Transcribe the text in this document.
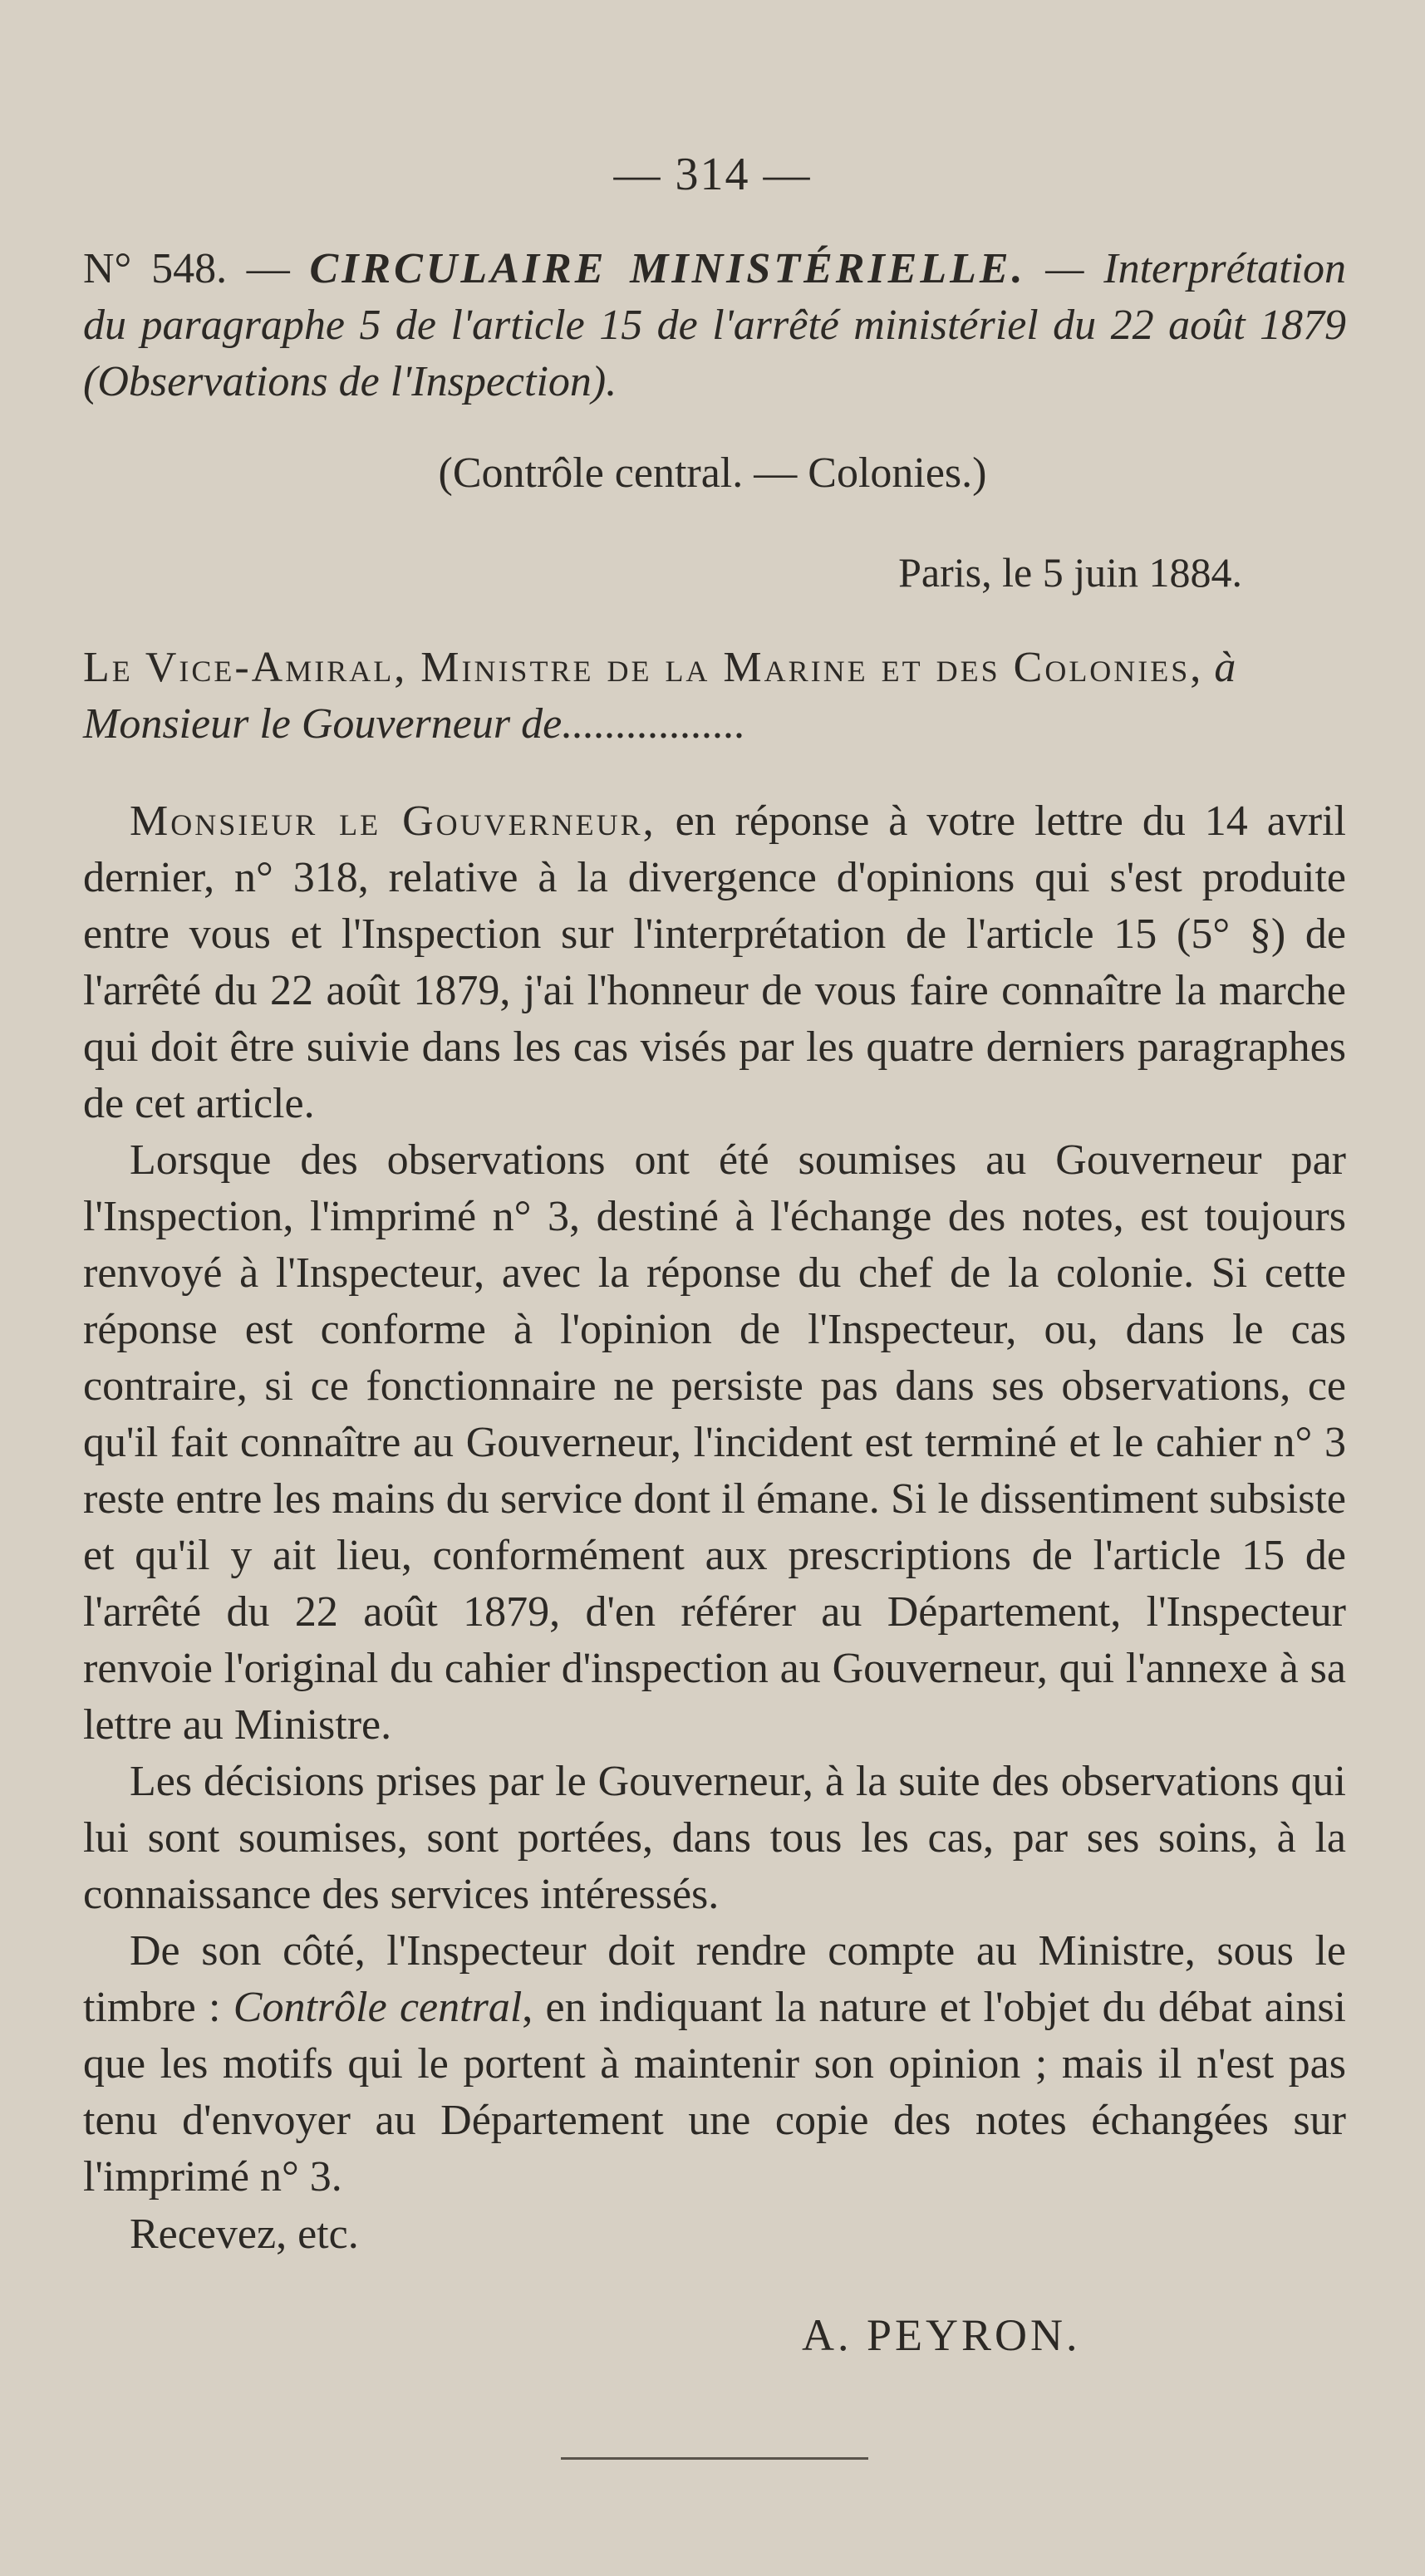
— 314 —
N° 548. — CIRCULAIRE MINISTÉRIELLE. — Interprétation du paragraphe 5 de l'article 15 de l'arrêté ministériel du 22 août 1879 (Observations de l'Inspection).
(Contrôle central. — Colonies.)
Paris, le 5 juin 1884.
Le Vice-Amiral, Ministre de la Marine et des Colonies, à Monsieur le Gouverneur de.................

Monsieur le Gouverneur, en réponse à votre lettre du 14 avril dernier, n° 318, relative à la divergence d'opinions qui s'est produite entre vous et l'Inspection sur l'interprétation de l'article 15 (5° §) de l'arrêté du 22 août 1879, j'ai l'honneur de vous faire connaître la marche qui doit être suivie dans les cas visés par les quatre derniers paragraphes de cet article.

Lorsque des observations ont été soumises au Gouverneur par l'Inspection, l'imprimé n° 3, destiné à l'échange des notes, est toujours renvoyé à l'Inspecteur, avec la réponse du chef de la colonie. Si cette réponse est conforme à l'opinion de l'Inspecteur, ou, dans le cas contraire, si ce fonctionnaire ne persiste pas dans ses observations, ce qu'il fait connaître au Gouverneur, l'incident est terminé et le cahier n° 3 reste entre les mains du service dont il émane. Si le dissentiment subsiste et qu'il y ait lieu, conformément aux prescriptions de l'article 15 de l'arrêté du 22 août 1879, d'en référer au Département, l'Inspecteur renvoie l'original du cahier d'inspection au Gouverneur, qui l'annexe à sa lettre au Ministre.

Les décisions prises par le Gouverneur, à la suite des observations qui lui sont soumises, sont portées, dans tous les cas, par ses soins, à la connaissance des services intéressés.

De son côté, l'Inspecteur doit rendre compte au Ministre, sous le timbre : Contrôle central, en indiquant la nature et l'objet du débat ainsi que les motifs qui le portent à maintenir son opinion ; mais il n'est pas tenu d'envoyer au Département une copie des notes échangées sur l'imprimé n° 3.

Recevez, etc.
A. PEYRON.
